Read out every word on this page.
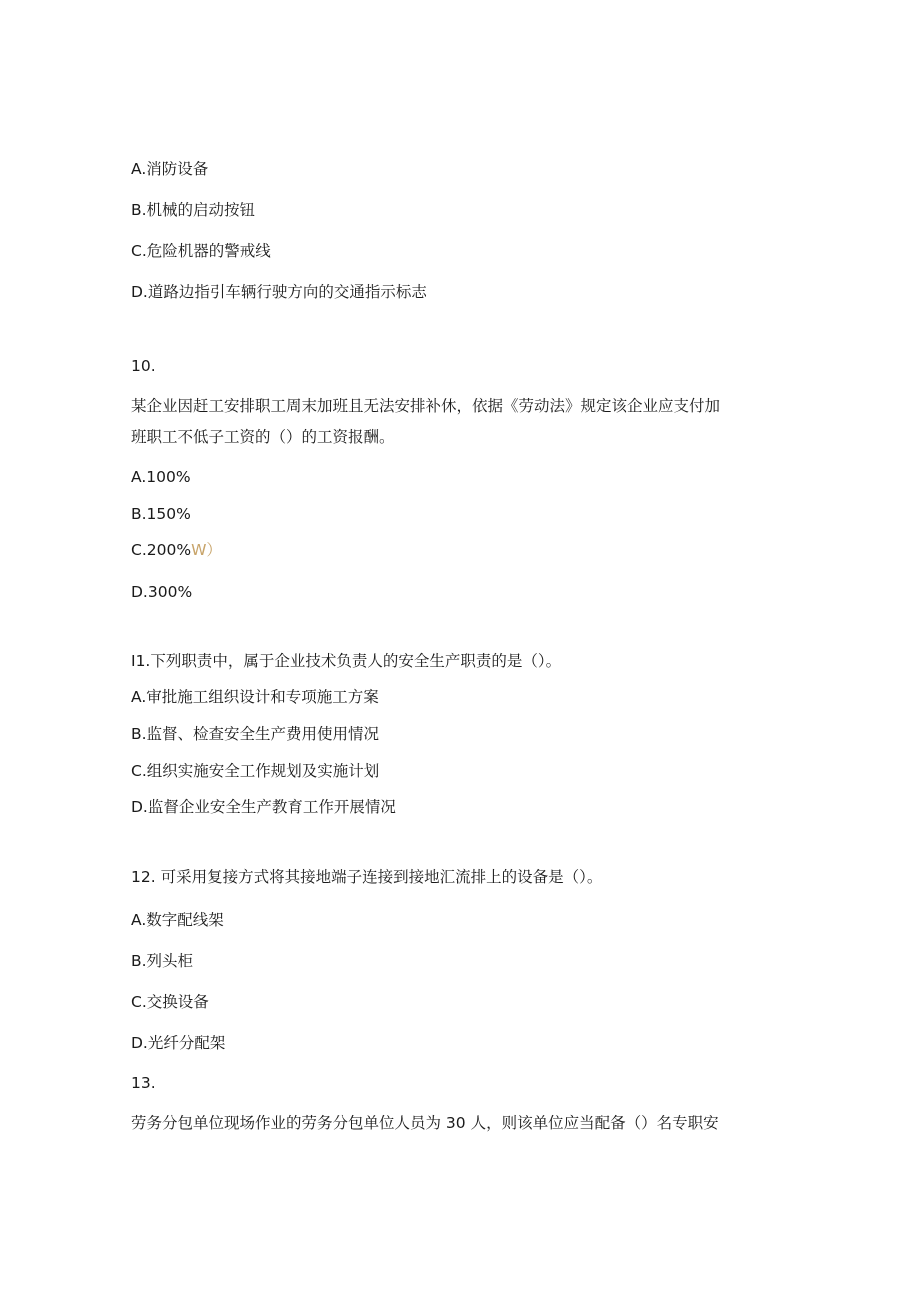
A.消防设备
B.机械的启动按钮
C.危险机器的警戒线
D.道路边指引车辆行驶方向的交通指示标志
10.
某企业因赶工安排职工周末加班且无法安排补休，依据《劳动法》规定该企业应支付加
班职工不低子工资的（）的工资报酬。
A.100%
B.150%
C.200%W）
D.300%
I1.下列职责中，属于企业技术负责人的安全生产职责的是（）。
A.审批施工组织设计和专项施工方案
B.监督、检查安全生产费用使用情况
C.组织实施安全工作规划及实施计划
D.监督企业安全生产教育工作开展情况
12. 可采用复接方式将其接地端子连接到接地汇流排上的设备是（）。
A.数字配线架
B.列头柜
C.交换设备
D.光纤分配架
13.
劳务分包单位现场作业的劳务分包单位人员为 30 人，则该单位应当配备（）名专职安
